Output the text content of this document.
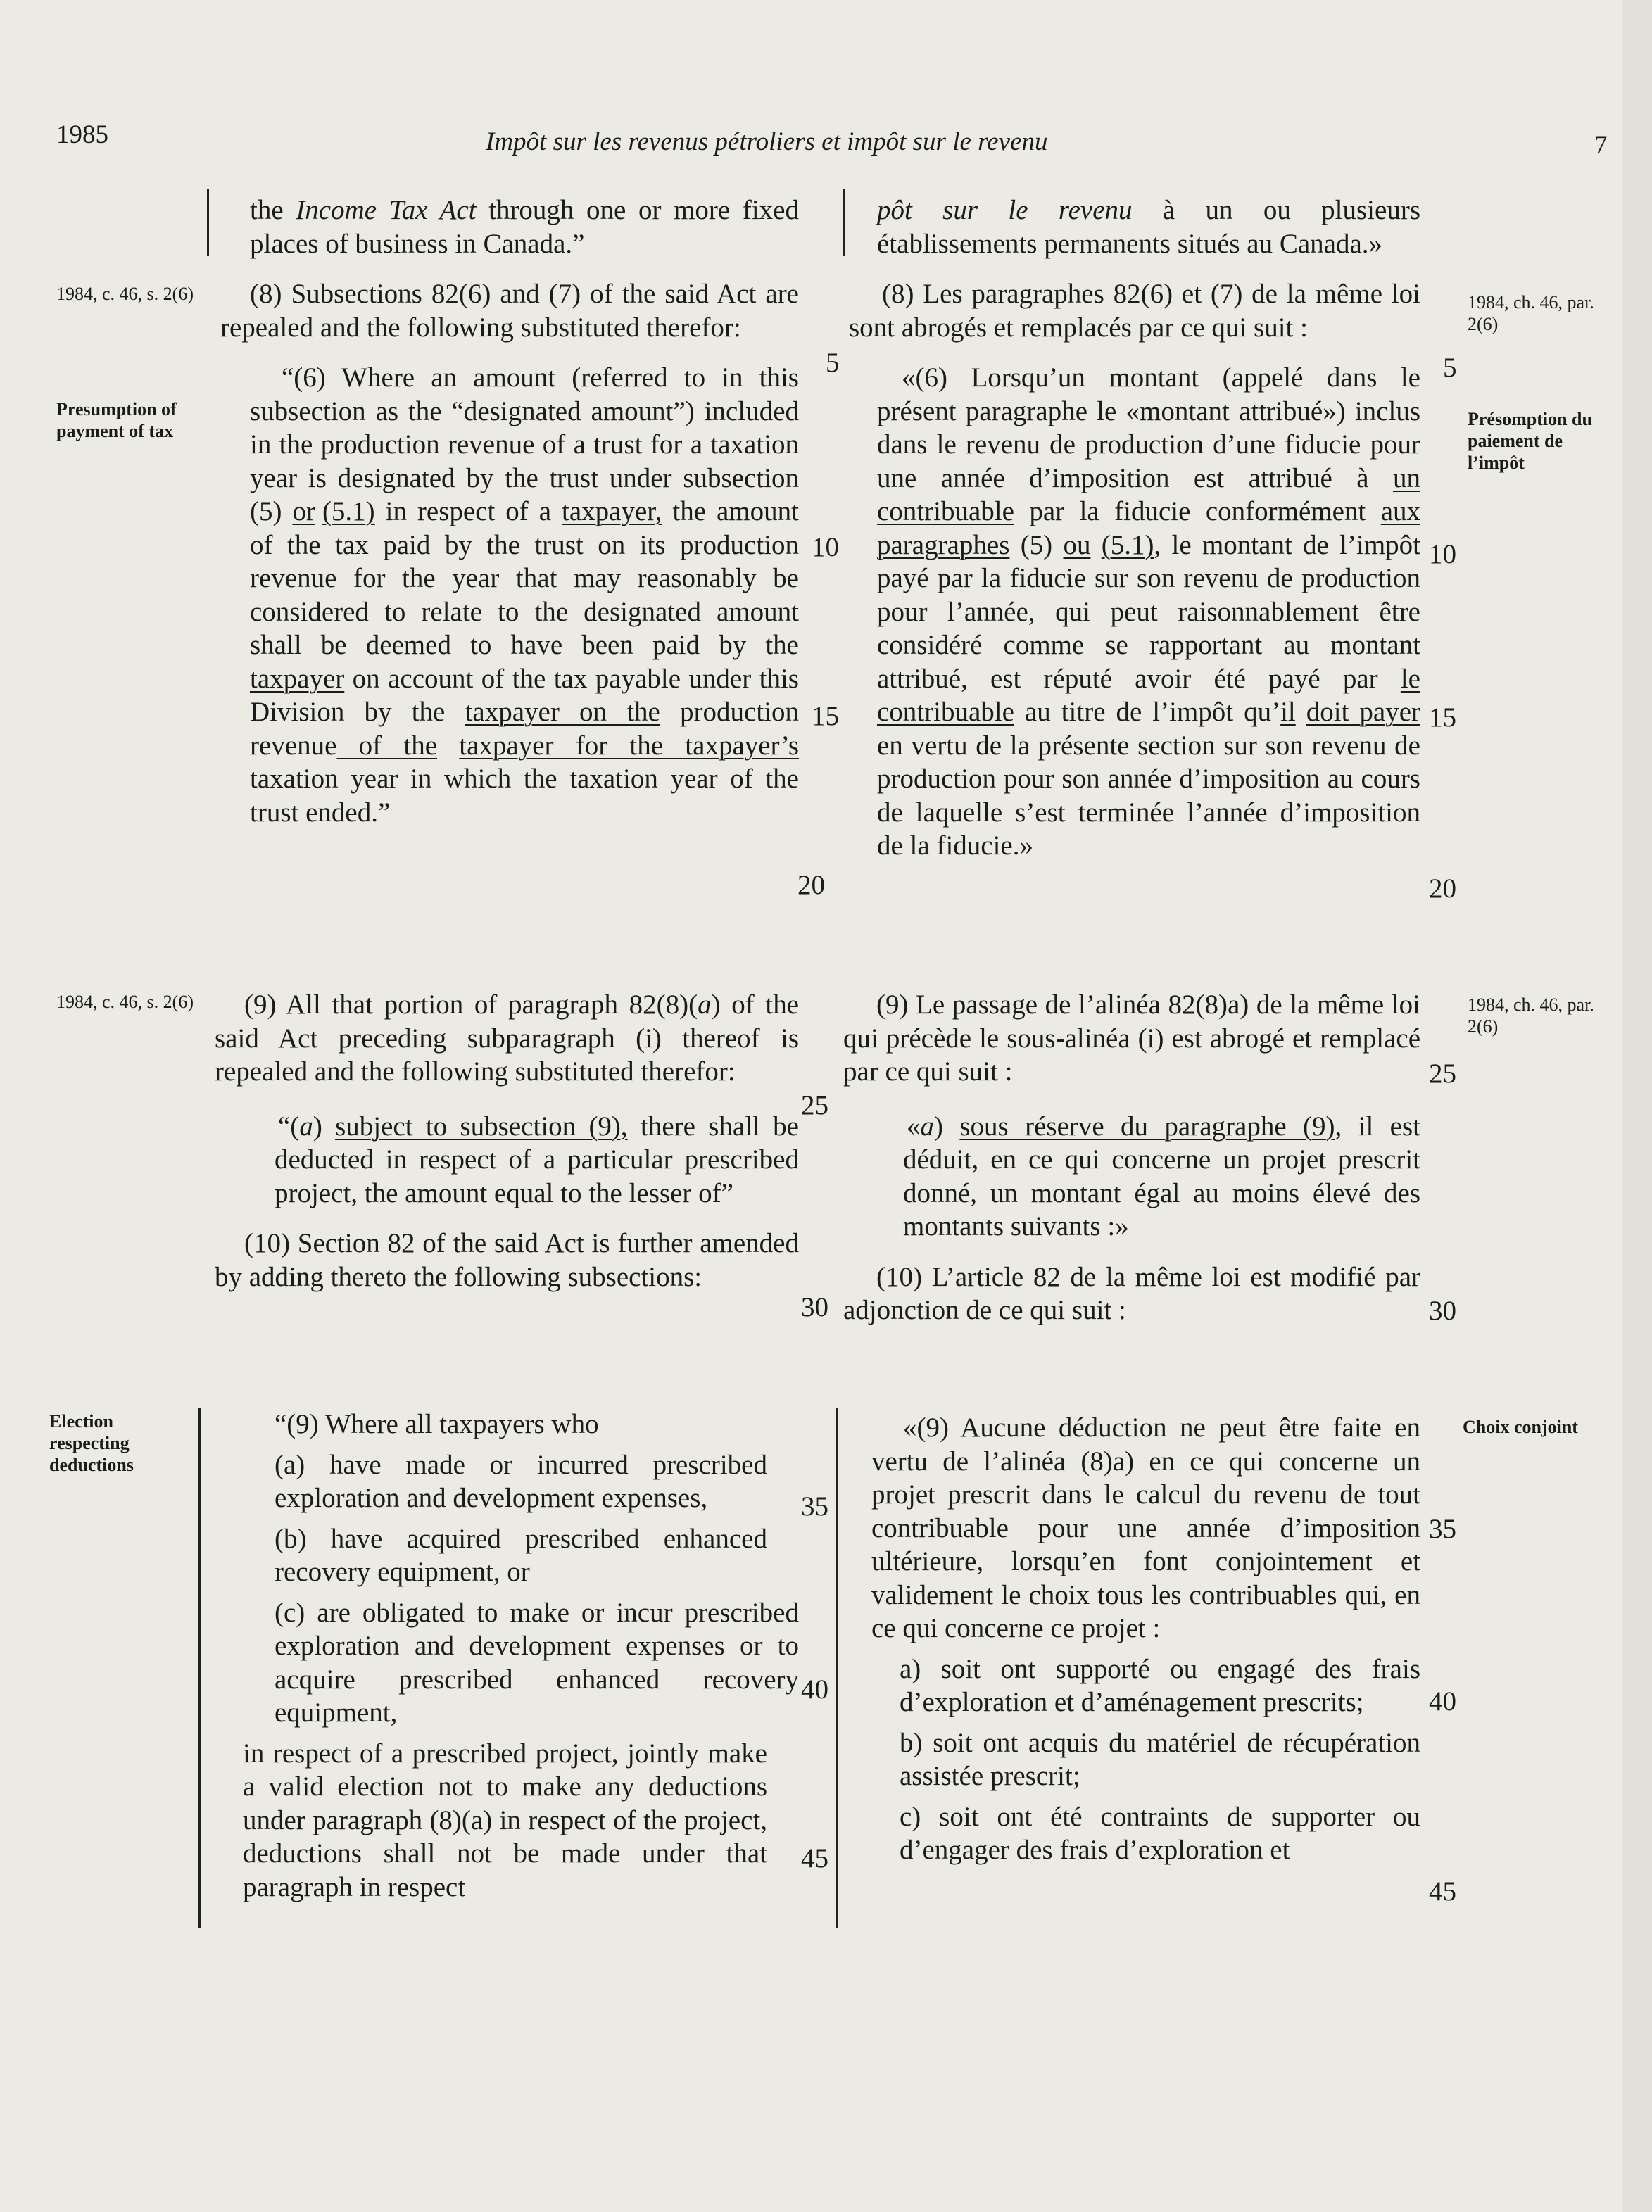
1985	Impôt sur les revenus pétroliers et impôt sur le revenu	7
1984, c. 46, s. 2(6)
Presumption of payment of tax
1984, c. 46, s. 2(6)
Election respecting deductions
1984, ch. 46, par. 2(6)
Présomption du paiement de l’impôt
1984, ch. 46, par. 2(6)
Choix conjoint

the Income Tax Act through one or more fixed places of business in Canada.”

(8) Subsections 82(6) and (7) of the said Act are repealed and the following substituted therefor:

“(6) Where an amount (referred to in this subsection as the “designated amount”) included in the production revenue of a trust for a taxation year is designated by the trust under subsection (5) or (5.1) in respect of a taxpayer, the amount of the tax paid by the trust on its production revenue for the year that may reasonably be considered to relate to the designated amount shall be deemed to have been paid by the taxpayer on account of the tax payable under this Division by the taxpayer on the production revenue of the taxpayer for the taxpayer’s taxation year in which the taxation year of the trust ended.”

(9) All that portion of paragraph 82(8)(a) of the said Act preceding subparagraph (i) thereof is repealed and the following substituted therefor:

“(a) subject to subsection (9), there shall be deducted in respect of a particular prescribed project, the amount equal to the lesser of”

(10) Section 82 of the said Act is further amended by adding thereto the following subsections:

“(9) Where all taxpayers who

(a) have made or incurred prescribed exploration and development expenses,

(b) have acquired prescribed enhanced recovery equipment, or

(c) are obligated to make or incur prescribed exploration and development expenses or to acquire prescribed enhanced recovery equipment,

in respect of a prescribed project, jointly make a valid election not to make any deductions under paragraph (8)(a) in respect of the project, deductions shall not be made under that paragraph in respect

5
10
15
20
25
30
35
40
45

pôt sur le revenu à un ou plusieurs établissements permanents situés au Canada.»

(8) Les paragraphes 82(6) et (7) de la même loi sont abrogés et remplacés par ce qui suit :

«(6) Lorsqu’un montant (appelé dans le présent paragraphe le «montant attribué») inclus dans le revenu de production d’une fiducie pour une année d’imposition est attribué à un contribuable par la fiducie conformément aux paragraphes (5) ou (5.1), le montant de l’impôt payé par la fiducie sur son revenu de production pour l’année, qui peut raisonnablement être considéré comme se rapportant au montant attribué, est réputé avoir été payé par le contribuable au titre de l’impôt qu’il doit payer en vertu de la présente section sur son revenu de production pour son année d’imposition au cours de laquelle s’est terminée l’année d’imposition de la fiducie.»

(9) Le passage de l’alinéa 82(8)a) de la même loi qui précède le sous-alinéa (i) est abrogé et remplacé par ce qui suit :

«a) sous réserve du paragraphe (9), il est déduit, en ce qui concerne un projet prescrit donné, un montant égal au moins élevé des montants suivants :»

(10) L’article 82 de la même loi est modifié par adjonction de ce qui suit :

«(9) Aucune déduction ne peut être faite en vertu de l’alinéa (8)a) en ce qui concerne un projet prescrit dans le calcul du revenu de tout contribuable pour une année d’imposition ultérieure, lorsqu’en font conjointement et validement le choix tous les contribuables qui, en ce qui concerne ce projet :

a) soit ont supporté ou engagé des frais d’exploration et d’aménagement prescrits;

b) soit ont acquis du matériel de récupération assistée prescrit;

c) soit ont été contraints de supporter ou d’engager des frais d’exploration et

5
10
15
20
25
30
35
40
45
